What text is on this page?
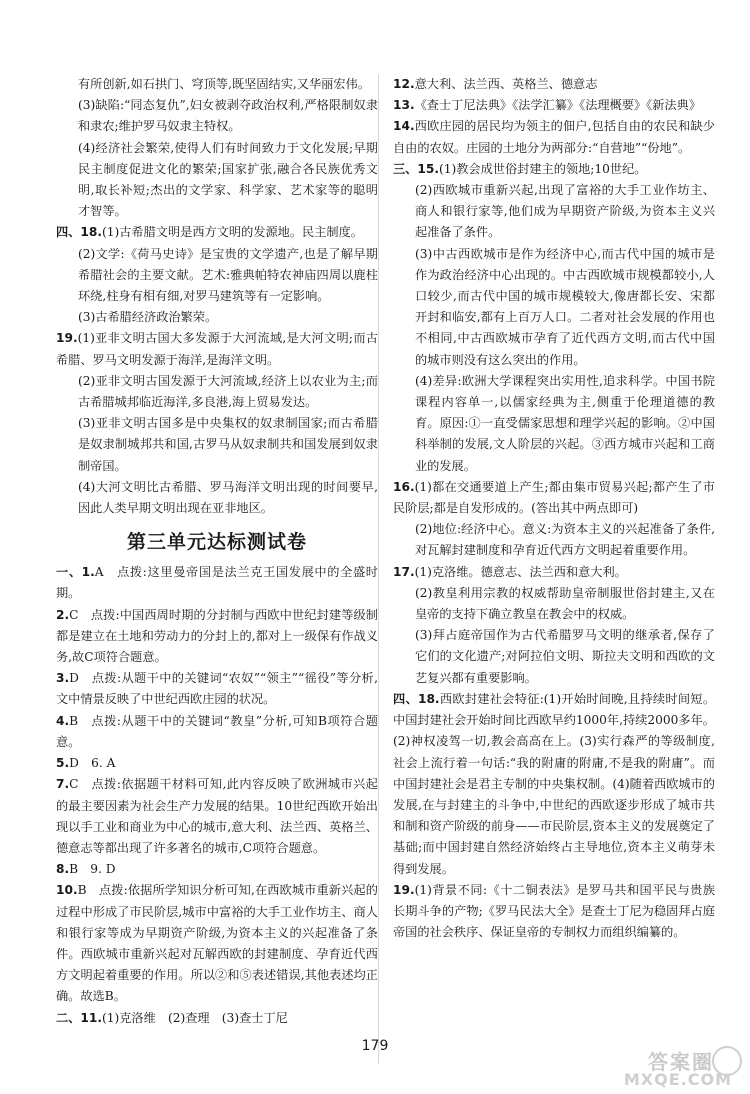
有所创新,如石拱门、穹顶等,既坚固结实,又华丽宏伟。

(3)缺陷:“同态复仇”,妇女被剥夺政治权利,严格限制奴隶和隶农;维护罗马奴隶主特权。

(4)经济社会繁荣,使得人们有时间致力于文化发展;早期民主制度促进文化的繁荣;国家扩张,融合各民族优秀文明,取长补短;杰出的文学家、科学家、艺术家等的聪明才智等。

四、18.(1)古希腊文明是西方文明的发源地。民主制度。

(2)文学:《荷马史诗》是宝贵的文学遗产,也是了解早期希腊社会的主要文献。艺术:雅典帕特农神庙四周以鹿柱环绕,柱身有相有细,对罗马建筑等有一定影响。

(3)古希腊经济政治繁荣。

19.(1)亚非文明古国大多发源于大河流域,是大河文明;而古希腊、罗马文明发源于海洋,是海洋文明。

(2)亚非文明古国发源于大河流域,经济上以农业为主;而古希腊城邦临近海洋,多良港,海上贸易发达。

(3)亚非文明古国多是中央集权的奴隶制国家;而古希腊是奴隶制城邦共和国,古罗马从奴隶制共和国发展到奴隶制帝国。

(4)大河文明比古希腊、罗马海洋文明出现的时间要早,因此人类早期文明出现在亚非地区。

第三单元达标测试卷

一、1.A　点拨:这里曼帝国是法兰克王国发展中的全盛时期。

2.C　点拨:中国西周时期的分封制与西欧中世纪封建等级制都是建立在土地和劳动力的分封上的,都对上一级保有作战义务,故C项符合题意。

3.D　点拨:从题干中的关键词“农奴”“领主”“徭役”等分析,文中情景反映了中世纪西欧庄园的状况。

4.B　点拨:从题干中的关键词“教皇”分析,可知B项符合题意。

5.D　6. A

7.C　点拨:依据题干材料可知,此内容反映了欧洲城市兴起的最主要因素为社会生产力发展的结果。10世纪西欧开始出现以手工业和商业为中心的城市,意大利、法兰西、英格兰、德意志等都出现了许多著名的城市,C项符合题意。

8.B　9. D

10.B　点拨:依据所学知识分析可知,在西欧城市重新兴起的过程中形成了市民阶层,城市中富裕的大手工业作坊主、商人和银行家等成为早期资产阶级,为资本主义的兴起准备了条件。西欧城市重新兴起对瓦解西欧的封建制度、孕育近代西方文明起着重要的作用。所以②和⑤表述错误,其他表述均正确。故选B。

二、11.(1)克洛维　(2)查理　(3)查士丁尼

12.意大利、法兰西、英格兰、德意志

13.《查士丁尼法典》《法学汇纂》《法理概要》《新法典》

14.西欧庄园的居民均为领主的佃户,包括自由的农民和缺少自由的农奴。庄园的土地分为两部分:“自营地”“份地”。

三、15.(1)教会成世俗封建主的领地;10世纪。

(2)西欧城市重新兴起,出现了富裕的大手工业作坊主、商人和银行家等,他们成为早期资产阶级,为资本主义兴起准备了条件。

(3)中古西欧城市是作为经济中心,而古代中国的城市是作为政治经济中心出现的。中古西欧城市规模都较小,人口较少,而古代中国的城市规模较大,像唐都长安、宋都开封和临安,都有上百万人口。二者对社会发展的作用也不相同,中古西欧城市孕育了近代西方文明,而古代中国的城市则没有这么突出的作用。

(4)差异:欧洲大学课程突出实用性,追求科学。中国书院课程内容单一,以儒家经典为主,侧重于伦理道德的教育。原因:①一直受儒家思想和理学兴起的影响。②中国科举制的发展,文人阶层的兴起。③西方城市兴起和工商业的发展。

16.(1)都在交通要道上产生;都由集市贸易兴起;都产生了市民阶层;都是自发形成的。(答出其中两点即可)

(2)地位:经济中心。意义:为资本主义的兴起准备了条件,对瓦解封建制度和孕育近代西方文明起着重要作用。

17.(1)克洛维。德意志、法兰西和意大利。

(2)教皇利用宗教的权威帮助皇帝制服世俗封建主,又在皇帝的支持下确立教皇在教会中的权威。

(3)拜占庭帝国作为古代希腊罗马文明的继承者,保存了它们的文化遗产;对阿拉伯文明、斯拉夫文明和西欧的文艺复兴都有重要影响。

四、18.西欧封建社会特征:(1)开始时间晚,且持续时间短。中国封建社会开始时间比西欧早约1000年,持续2000多年。(2)神权凌驾一切,教会高高在上。(3)实行森严的等级制度,社会上流行着一句话:“我的附庸的附庸,不是我的附庸”。而中国封建社会是君主专制的中央集权制。(4)随着西欧城市的发展,在与封建主的斗争中,中世纪的西欧逐步形成了城市共和制和资产阶级的前身——市民阶层,资本主义的发展奠定了基础;而中国封建自然经济始终占主导地位,资本主义萌芽未得到发展。

19.(1)背景不同:《十二铜表法》是罗马共和国平民与贵族长期斗争的产物;《罗马民法大全》是查士丁尼为稳固拜占庭帝国的社会秩序、保证皇帝的专制权力而组织编纂的。

179
答案圈
MXQE.COM
